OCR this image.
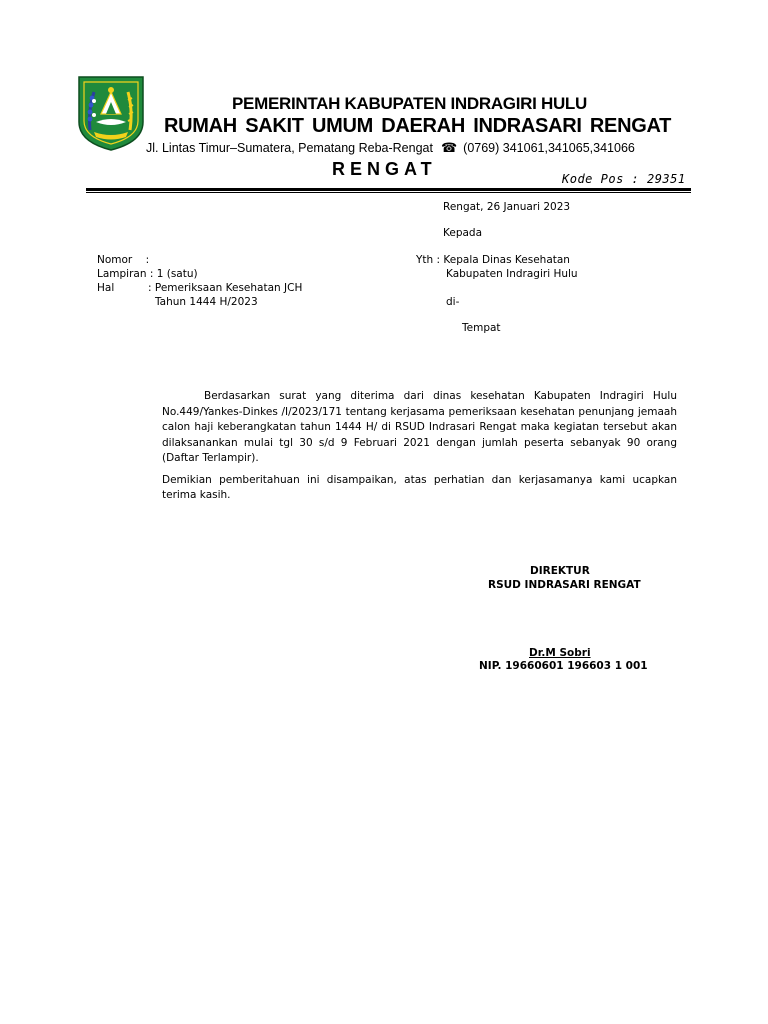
PEMERINTAH KABUPATEN INDRAGIRI HULU
RUMAH SAKIT UMUM DAERAH INDRASARI RENGAT
Jl. Lintas Timur–Sumatera, Pematang Reba-Rengat ☎ (0769) 341061,341065,341066
RENGAT	Kode Pos : 29351
Rengat, 26 Januari 2023
Kepada
Nomor    :
Lampiran : 1 (satu)
Hal	: Pemeriksaan Kesehatan JCH
Tahun 1444 H/2023
Yth : Kepala Dinas Kesehatan
Kabupaten Indragiri Hulu
di-
Tempat

Berdasarkan surat yang diterima dari dinas kesehatan Kabupaten Indragiri Hulu No.449/Yankes-Dinkes /I/2023/171 tentang kerjasama pemeriksaan kesehatan penunjang jemaah calon haji keberangkatan tahun 1444 H/ di RSUD Indrasari Rengat maka kegiatan tersebut akan dilaksanankan mulai tgl 30 s/d 9 Februari 2021 dengan jumlah peserta sebanyak 90 orang (Daftar Terlampir).

Demikian pemberitahuan ini disampaikan, atas perhatian dan kerjasamanya kami ucapkan terima kasih.

DIREKTUR
RSUD INDRASARI RENGAT
Dr.M Sobri
NIP. 19660601 196603 1 001
